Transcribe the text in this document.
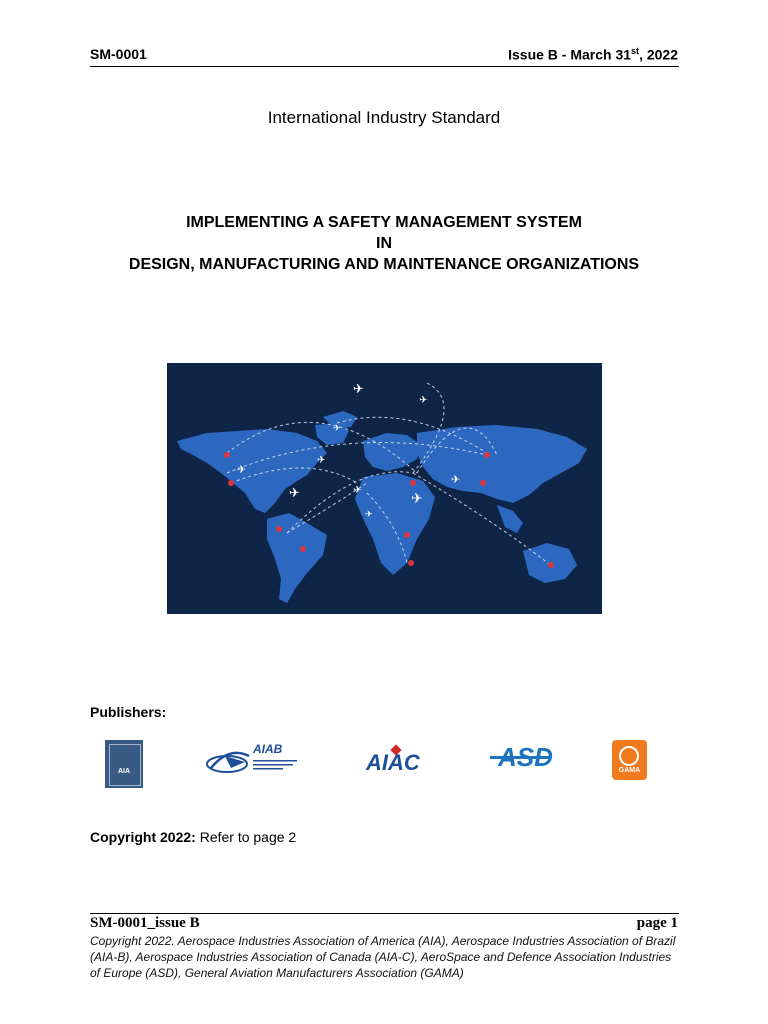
SM-0001	Issue B - March 31st, 2022
International Industry Standard
IMPLEMENTING A SAFETY MANAGEMENT SYSTEM
IN
DESIGN, MANUFACTURING AND MAINTENANCE ORGANIZATIONS
✈
✈
✈
✈
✈
✈	✈
✈
✈
✈
Publishers:
AIA
AIAB
AIAC	ASD	GAMA
Copyright 2022: Refer to page 2
SM-0001_issue B	page 1
Copyright 2022. Aerospace Industries Association of America (AIA), Aerospace Industries Association of Brazil (AIA-B), Aerospace Industries Association of Canada (AIA-C), AeroSpace and Defence Association Industries of Europe (ASD), General Aviation Manufacturers Association (GAMA)
